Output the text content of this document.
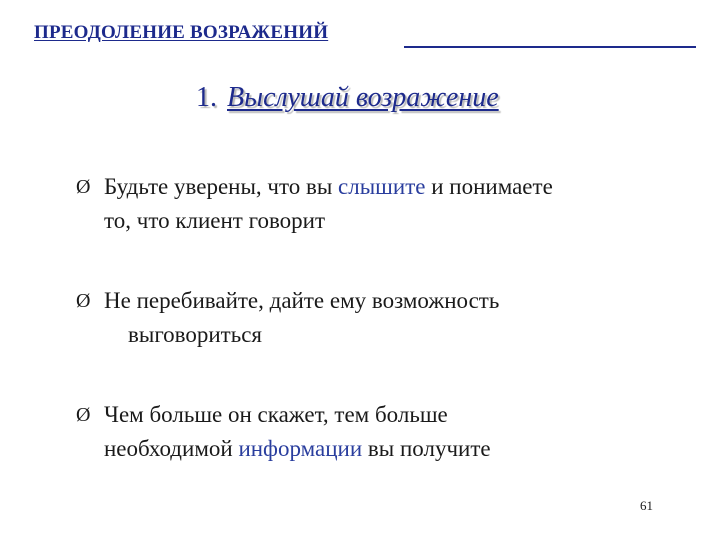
ПРЕОДОЛЕНИЕ ВОЗРАЖЕНИЙ
1. Выслушай возражение
Ø Будьте уверены, что вы слышите и понимаете
то, что клиент говорит
Ø Не перебивайте, дайте ему возможность
выговориться
Ø Чем больше он скажет, тем больше
необходимой информации вы получите
61
